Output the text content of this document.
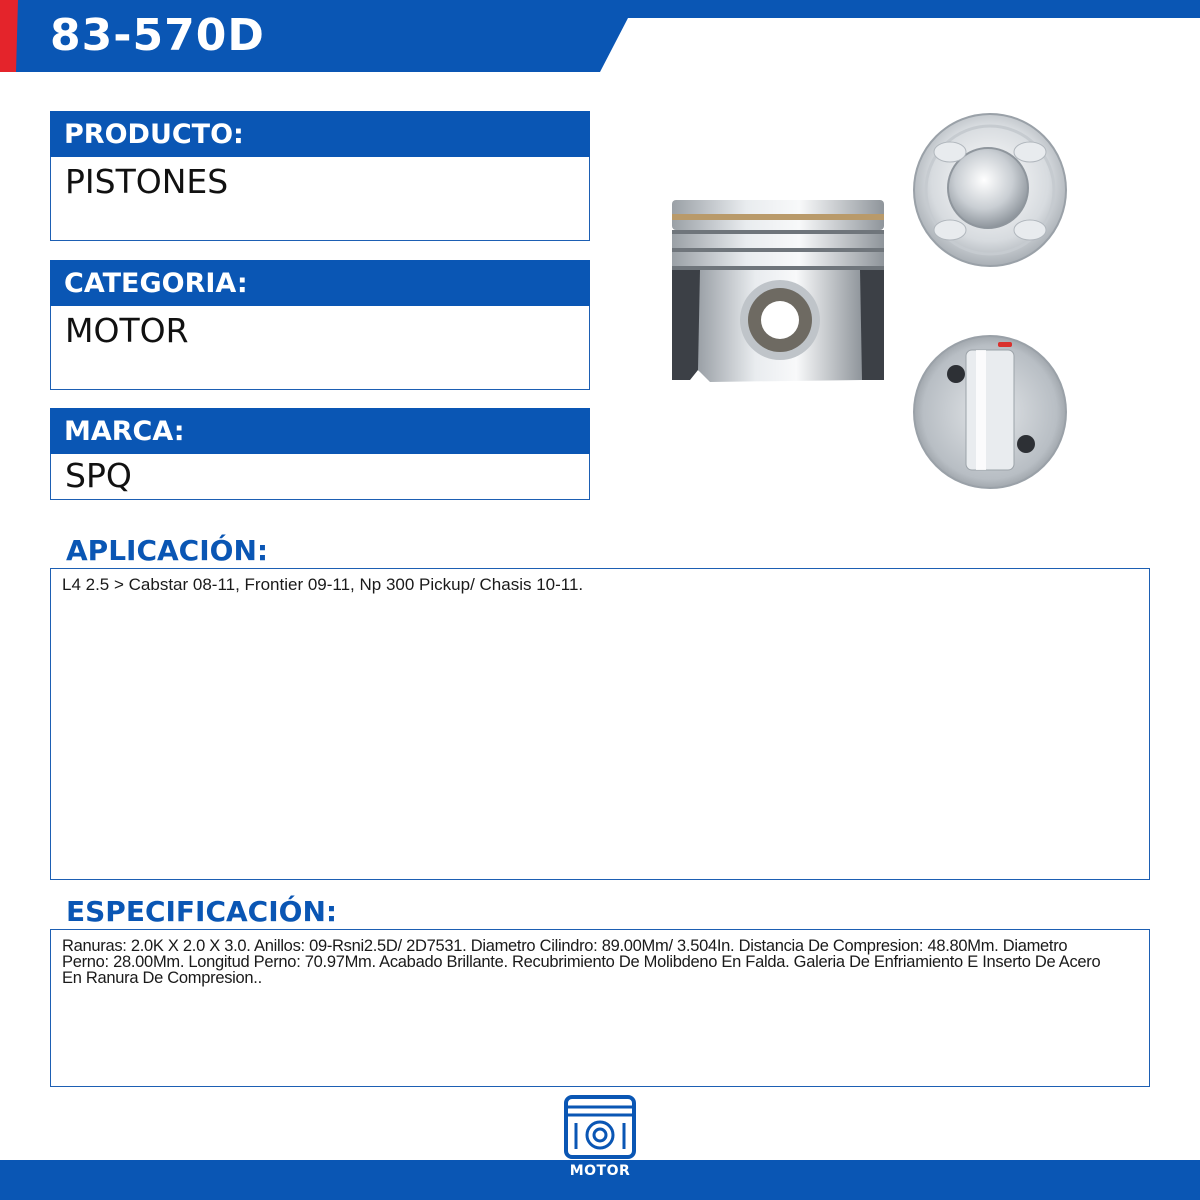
83-570D
PRODUCTO:
PISTONES
CATEGORIA:
MOTOR
MARCA:
SPQ
APLICACIÓN:
L4 2.5 > Cabstar 08-11, Frontier 09-11, Np 300 Pickup/ Chasis 10-11.
ESPECIFICACIÓN:
Ranuras: 2.0K X 2.0 X 3.0. Anillos: 09-Rsni2.5D/ 2D7531. Diametro Cilindro: 89.00Mm/ 3.504In. Distancia De Compresion: 48.80Mm. Diametro Perno: 28.00Mm. Longitud Perno: 70.97Mm. Acabado Brillante. Recubrimiento De Molibdeno En Falda. Galeria De Enfriamiento E Inserto De Acero En Ranura De Compresion..
MOTOR
